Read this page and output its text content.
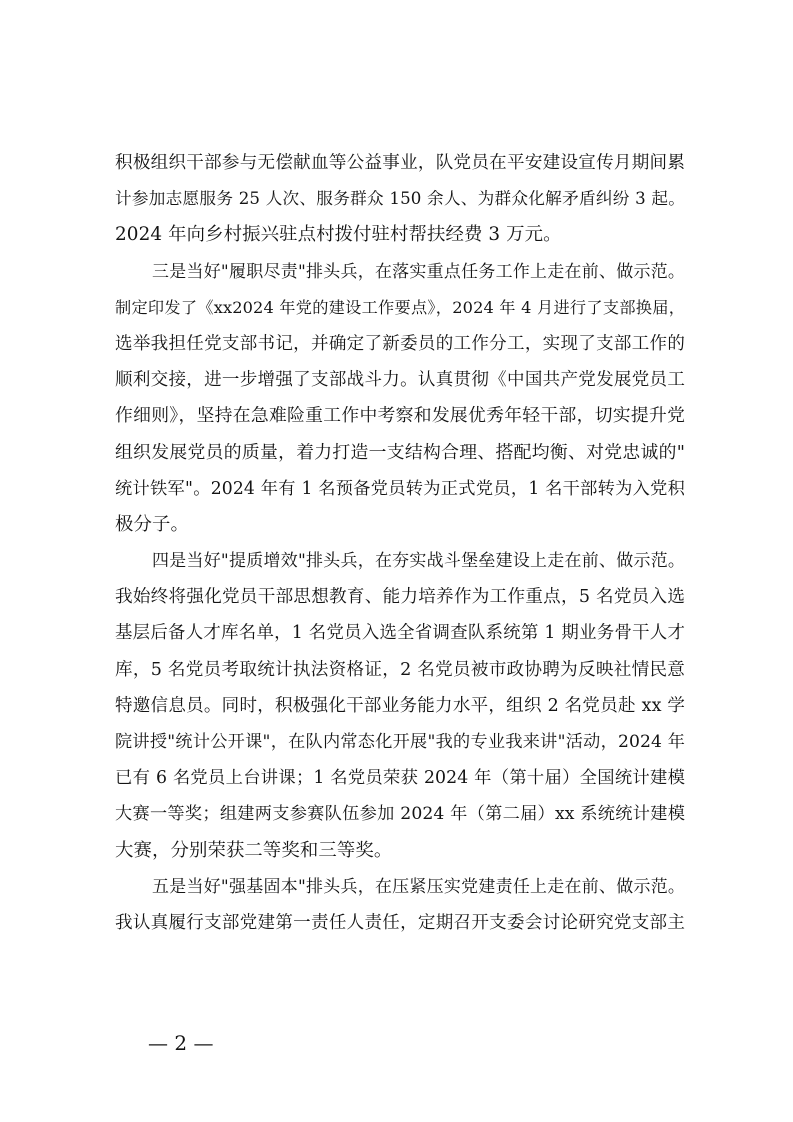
积极组织干部参与无偿献血等公益事业，队党员在平安建设宣传月期间累
计参加志愿服务 25 人次、服务群众 150 余人、为群众化解矛盾纠纷 3 起。
2024 年向乡村振兴驻点村拨付驻村帮扶经费 3 万元。
三是当好"履职尽责"排头兵，在落实重点任务工作上走在前、做示范。
制定印发了《xx2024 年党的建设工作要点》，2024 年 4 月进行了支部换届，
选举我担任党支部书记，并确定了新委员的工作分工，实现了支部工作的
顺利交接，进一步增强了支部战斗力。认真贯彻《中国共产党发展党员工
作细则》，坚持在急难险重工作中考察和发展优秀年轻干部，切实提升党
组织发展党员的质量，着力打造一支结构合理、搭配均衡、对党忠诚的"
统计铁军"。2024 年有 1 名预备党员转为正式党员，1 名干部转为入党积
极分子。
四是当好"提质增效"排头兵，在夯实战斗堡垒建设上走在前、做示范。
我始终将强化党员干部思想教育、能力培养作为工作重点，5 名党员入选
基层后备人才库名单，1 名党员入选全省调查队系统第 1 期业务骨干人才
库，5 名党员考取统计执法资格证，2 名党员被市政协聘为反映社情民意
特邀信息员。同时，积极强化干部业务能力水平，组织 2 名党员赴 xx 学
院讲授"统计公开课"，在队内常态化开展"我的专业我来讲"活动，2024 年
已有 6 名党员上台讲课；1 名党员荣获 2024 年（第十届）全国统计建模
大赛一等奖；组建两支参赛队伍参加 2024 年（第二届）xx 系统统计建模
大赛，分别荣获二等奖和三等奖。
五是当好"强基固本"排头兵，在压紧压实党建责任上走在前、做示范。
我认真履行支部党建第一责任人责任，定期召开支委会讨论研究党支部主
— 2 —
